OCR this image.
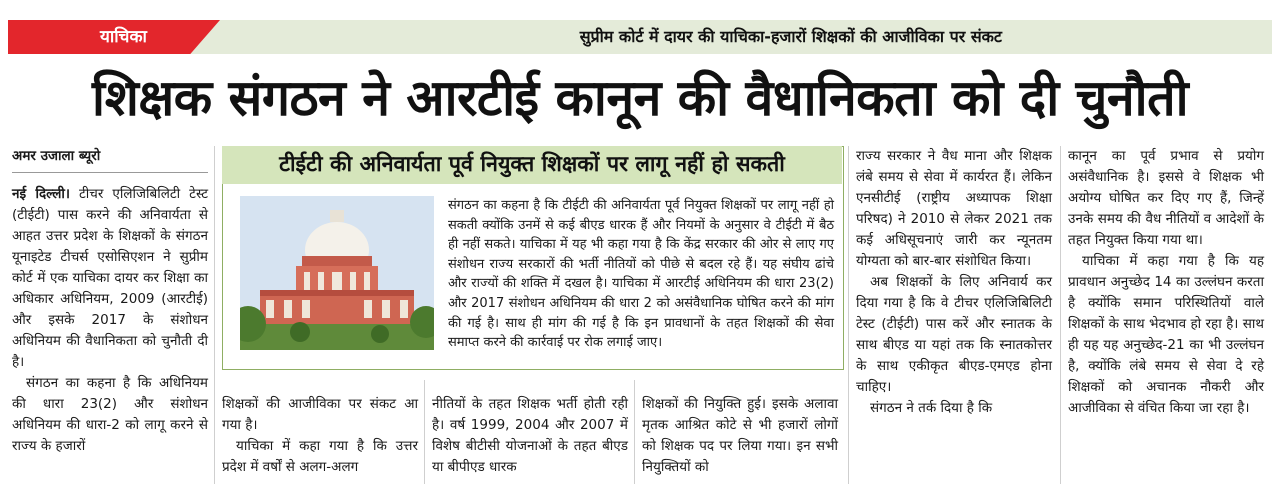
याचिका	सुप्रीम कोर्ट में दायर की याचिका-हजारों शिक्षकों की आजीविका पर संकट
शिक्षक संगठन ने आरटीई कानून की वैधानिकता को दी चुनौती
अमर उजाला ब्यूरो

नई दिल्ली। टीचर एलिजिबिलिटी टेस्ट (टीईटी) पास करने की अनिवार्यता से आहत उत्तर प्रदेश के शिक्षकों के संगठन यूनाइटेड टीचर्स एसोसिएशन ने सुप्रीम कोर्ट में एक याचिका दायर कर शिक्षा का अधिकार अधिनियम, 2009 (आरटीई) और इसके 2017 के संशोधन अधिनियम की वैधानिकता को चुनौती दी है।

संगठन का कहना है कि अधिनियम की धारा 23(2) और संशोधन अधिनियम की धारा-2 को लागू करने से राज्य के हजारों

टीईटी की अनिवार्यता पूर्व नियुक्त शिक्षकों पर लागू नहीं हो सकती
संगठन का कहना है कि टीईटी की अनिवार्यता पूर्व नियुक्त शिक्षकों पर लागू नहीं हो सकती क्योंकि उनमें से कई बीएड धारक हैं और नियमों के अनुसार वे टीईटी में बैठ ही नहीं सकते। याचिका में यह भी कहा गया है कि केंद्र सरकार की ओर से लाए गए संशोधन राज्य सरकारों की भर्ती नीतियों को पीछे से बदल रहे हैं। यह संघीय ढांचे और राज्यों की शक्ति में दखल है। याचिका में आरटीई अधिनियम की धारा 23(2) और 2017 संशोधन अधिनियम की धारा 2 को असंवैधानिक घोषित करने की मांग की गई है। साथ ही मांग की गई है कि इन प्रावधानों के तहत शिक्षकों की सेवा समाप्त करने की कार्रवाई पर रोक लगाई जाए।

शिक्षकों की आजीविका पर संकट आ गया है।

याचिका में कहा गया है कि उत्तर प्रदेश में वर्षों से अलग-अलग

नीतियों के तहत शिक्षक भर्ती होती रही है। वर्ष 1999, 2004 और 2007 में विशेष बीटीसी योजनाओं के तहत बीएड या बीपीएड धारक

शिक्षकों की नियुक्ति हुई। इसके अलावा मृतक आश्रित कोटे से भी हजारों लोगों को शिक्षक पद पर लिया गया। इन सभी नियुक्तियों को

राज्य सरकार ने वैध माना और शिक्षक लंबे समय से सेवा में कार्यरत हैं। लेकिन एनसीटीई (राष्ट्रीय अध्यापक शिक्षा परिषद) ने 2010 से लेकर 2021 तक कई अधिसूचनाएं जारी कर न्यूनतम योग्यता को बार-बार संशोधित किया।

अब शिक्षकों के लिए अनिवार्य कर दिया गया है कि वे टीचर एलिजिबिलिटी टेस्ट (टीईटी) पास करें और स्नातक के साथ बीएड या यहां तक कि स्नातकोत्तर के साथ एकीकृत बीएड-एमएड होना चाहिए।

संगठन ने तर्क दिया है कि

कानून का पूर्व प्रभाव से प्रयोग असंवैधानिक है। इससे वे शिक्षक भी अयोग्य घोषित कर दिए गए हैं, जिन्हें उनके समय की वैध नीतियों व आदेशों के तहत नियुक्त किया गया था।

याचिका में कहा गया है कि यह प्रावधान अनुच्छेद 14 का उल्लंघन करता है क्योंकि समान परिस्थितियों वाले शिक्षकों के साथ भेदभाव हो रहा है। साथ ही यह यह अनुच्छेद-21 का भी उल्लंघन है, क्योंकि लंबे समय से सेवा दे रहे शिक्षकों को अचानक नौकरी और आजीविका से वंचित किया जा रहा है।
